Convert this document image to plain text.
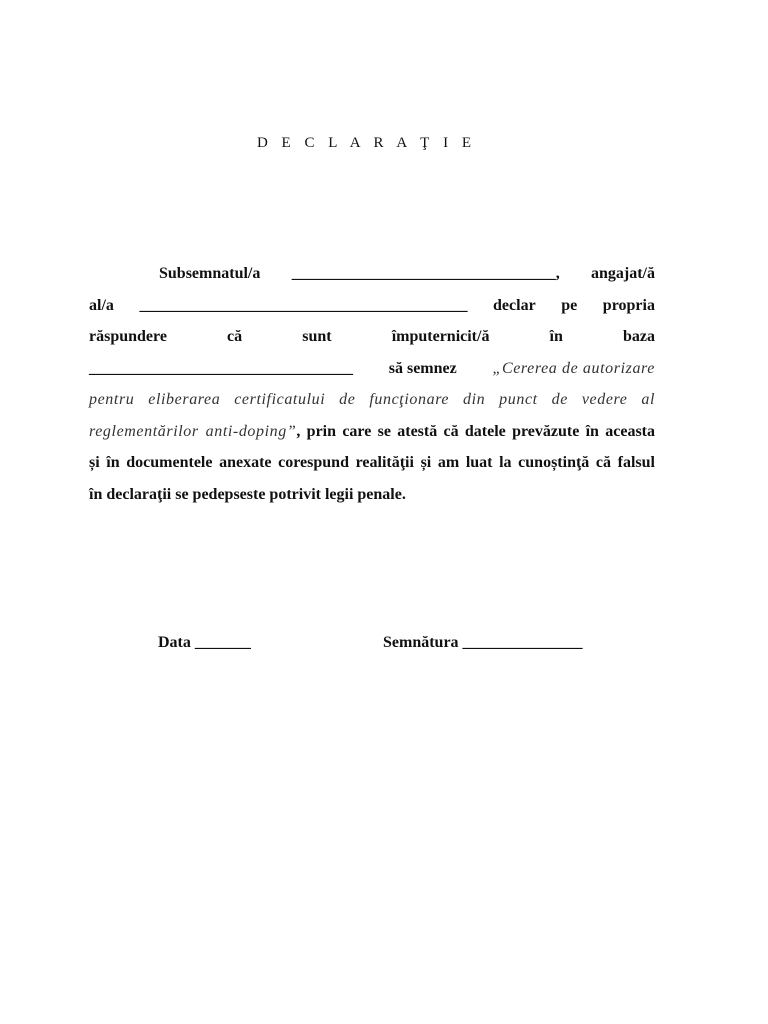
D E C L A R A Ţ I E
Subsemnatul/a _________________________________, angajat/ă
al/a _________________________________________ declar pe propria
răspundere	că	sunt	împuternicit/ă	în	baza
_________________________________ să semnez „Cererea de autorizare
pentru eliberarea certificatului de funcţionare din punct de vedere al
reglementărilor anti-doping”, prin care se atestă că datele prevăzute în aceasta
și în documentele anexate corespund realităţii și am luat la cunoștinţă că falsul
în declaraţii se pedepseste potrivit legii penale.
Data _______	Semnătura _______________
